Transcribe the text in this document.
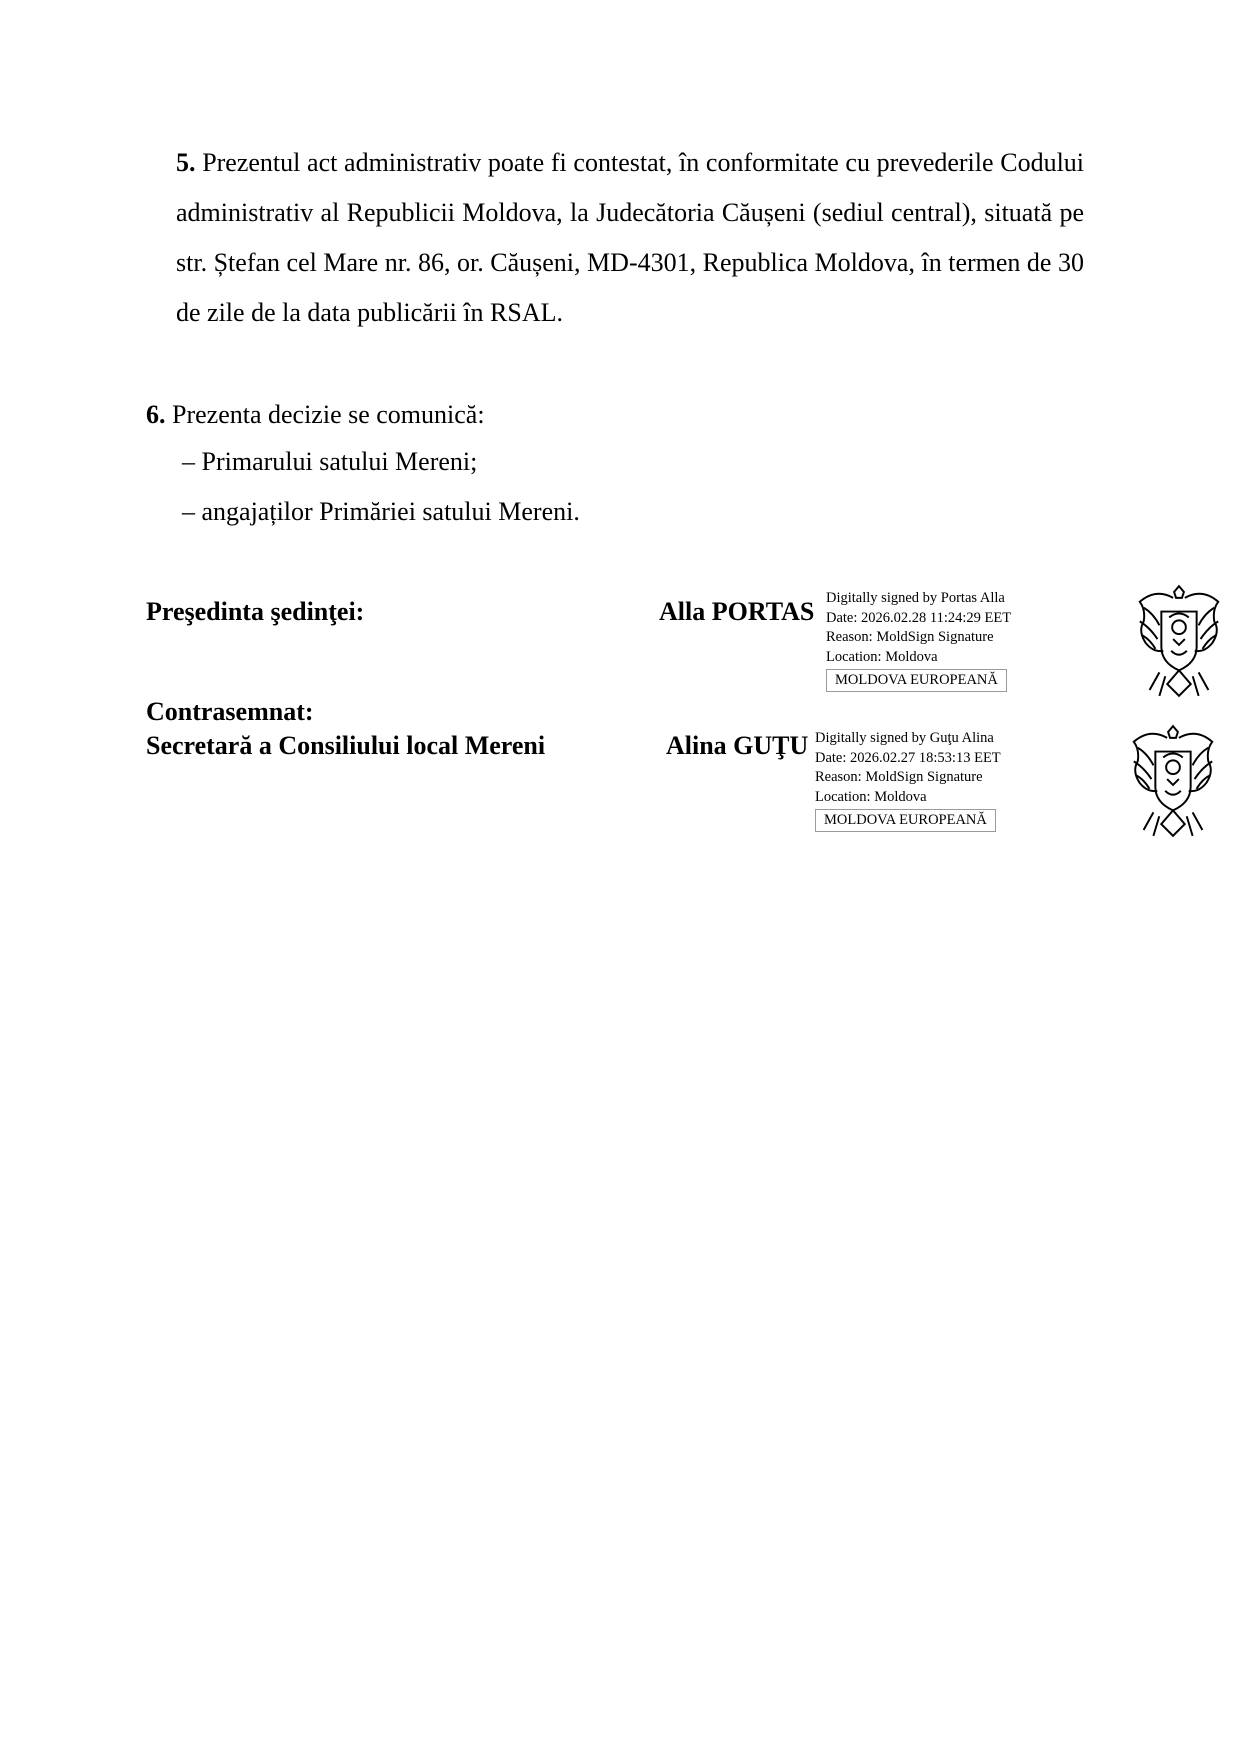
5. Prezentul act administrativ poate fi contestat, în conformitate cu prevederile Codului administrativ al Republicii Moldova, la Judecătoria Căușeni (sediul central), situată pe str. Ștefan cel Mare nr. 86, or. Căușeni, MD-4301, Republica Moldova, în termen de 30 de zile de la data publicării în RSAL.
6. Prezenta decizie se comunică:
– Primarului satului Mereni;
– angajaților Primăriei satului Mereni.
Preşedinta şedinţei:	Alla PORTAS Digitally signed by Portas Alla
Date: 2026.02.28 11:24:29 EET
Reason: MoldSign Signature
Location: Moldova
MOLDOVA EUROPEANĂ
Contrasemnat:
Secretară a Consiliului local Mereni	Alina GUŢU Digitally signed by Guţu Alina
Date: 2026.02.27 18:53:13 EET
Reason: MoldSign Signature
Location: Moldova
MOLDOVA EUROPEANĂ
